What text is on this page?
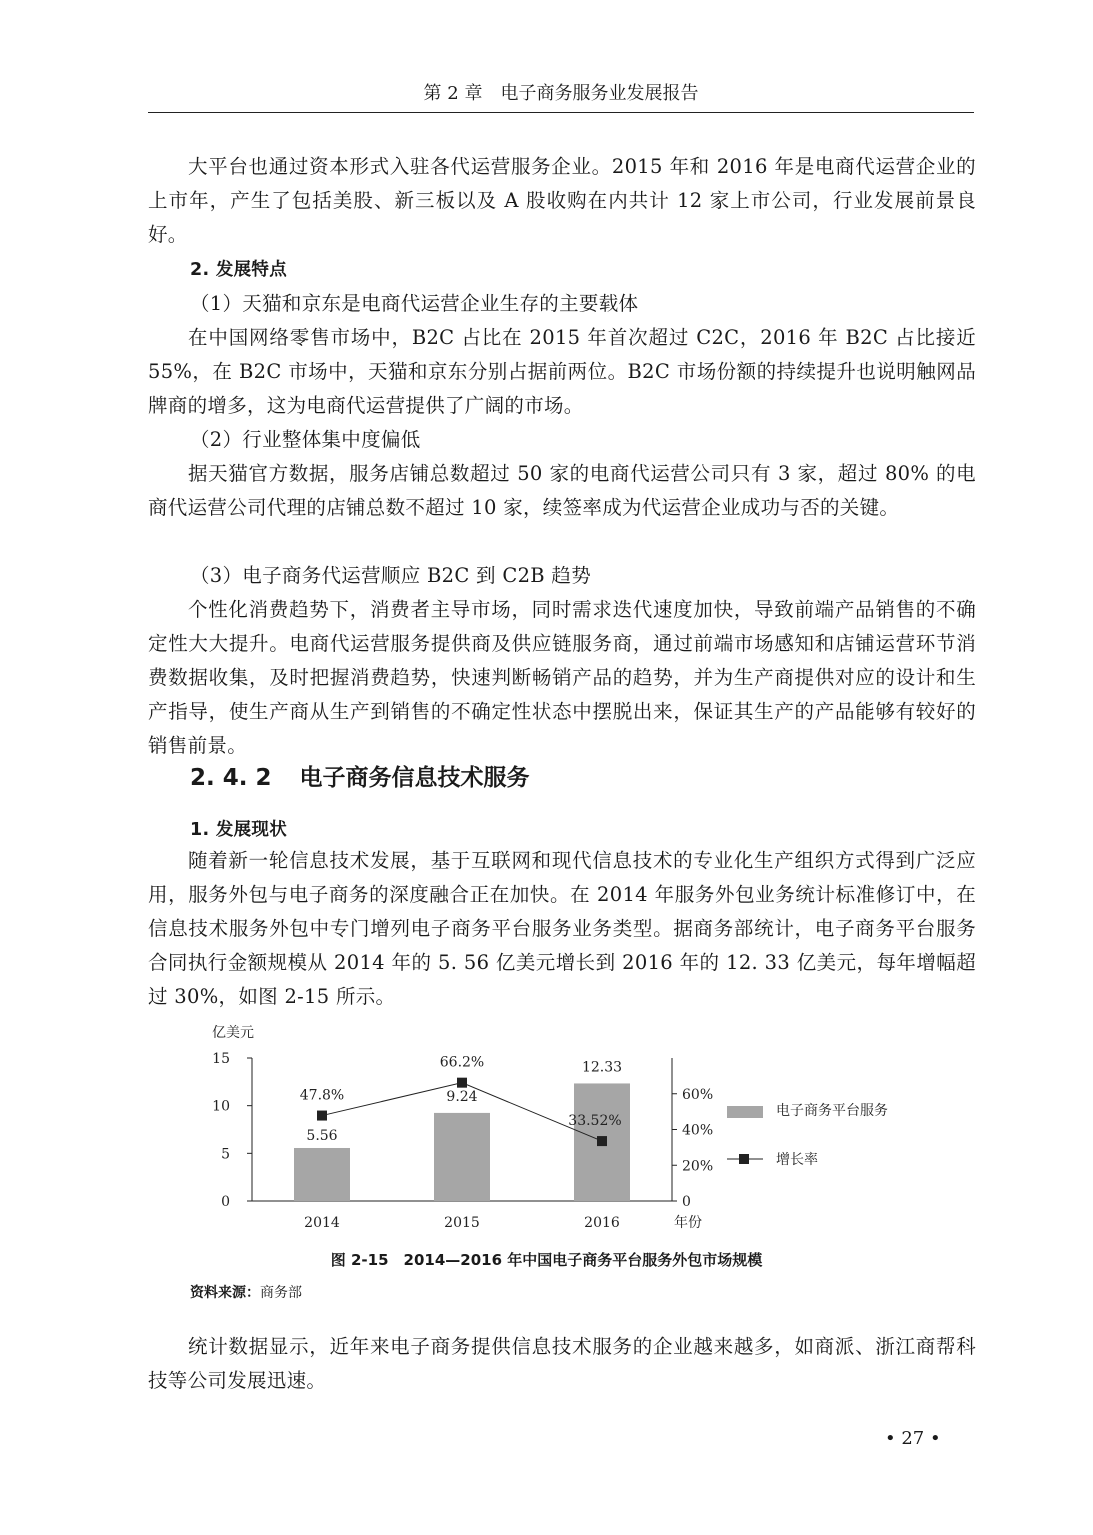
第 2 章　电子商务服务业发展报告

大平台也通过资本形式入驻各代运营服务企业。2015 年和 2016 年是电商代运营企业的上市年，产生了包括美股、新三板以及 A 股收购在内共计 12 家上市公司，行业发展前景良好。

2. 发展特点
（1）天猫和京东是电商代运营企业生存的主要载体

在中国网络零售市场中，B2C 占比在 2015 年首次超过 C2C，2016 年 B2C 占比接近 55%，在 B2C 市场中，天猫和京东分别占据前两位。B2C 市场份额的持续提升也说明触网品牌商的增多，这为电商代运营提供了广阔的市场。

（2）行业整体集中度偏低

据天猫官方数据，服务店铺总数超过 50 家的电商代运营公司只有 3 家，超过 80% 的电商代运营公司代理的店铺总数不超过 10 家，续签率成为代运营企业成功与否的关键。

（3）电子商务代运营顺应 B2C 到 C2B 趋势

个性化消费趋势下，消费者主导市场，同时需求迭代速度加快，导致前端产品销售的不确定性大大提升。电商代运营服务提供商及供应链服务商，通过前端市场感知和店铺运营环节消费数据收集，及时把握消费趋势，快速判断畅销产品的趋势，并为生产商提供对应的设计和生产指导，使生产商从生产到销售的不确定性状态中摆脱出来，保证其生产的产品能够有较好的销售前景。

2. 4. 2 电子商务信息技术服务
1. 发展现状

随着新一轮信息技术发展，基于互联网和现代信息技术的专业化生产组织方式得到广泛应用，服务外包与电子商务的深度融合正在加快。在 2014 年服务外包业务统计标准修订中，在信息技术服务外包中专门增列电子商务平台服务业务类型。据商务部统计，电子商务平台服务合同执行金额规模从 2014 年的 5. 56 亿美元增长到 2016 年的 12. 33 亿美元，每年增幅超过 30%，如图 2-15 所示。

亿美元
0
5
10
15
0
20%
40%
60%
5.56
9.24
12.33
2014	2015	2016
47.8%
66.2%
33.52%
年份
电子商务平台服务
增长率
图 2-15　2014—2016 年中国电子商务平台服务外包市场规模
资料来源：商务部

统计数据显示，近年来电子商务提供信息技术服务的企业越来越多，如商派、浙江商帮科技等公司发展迅速。

• 27 •
